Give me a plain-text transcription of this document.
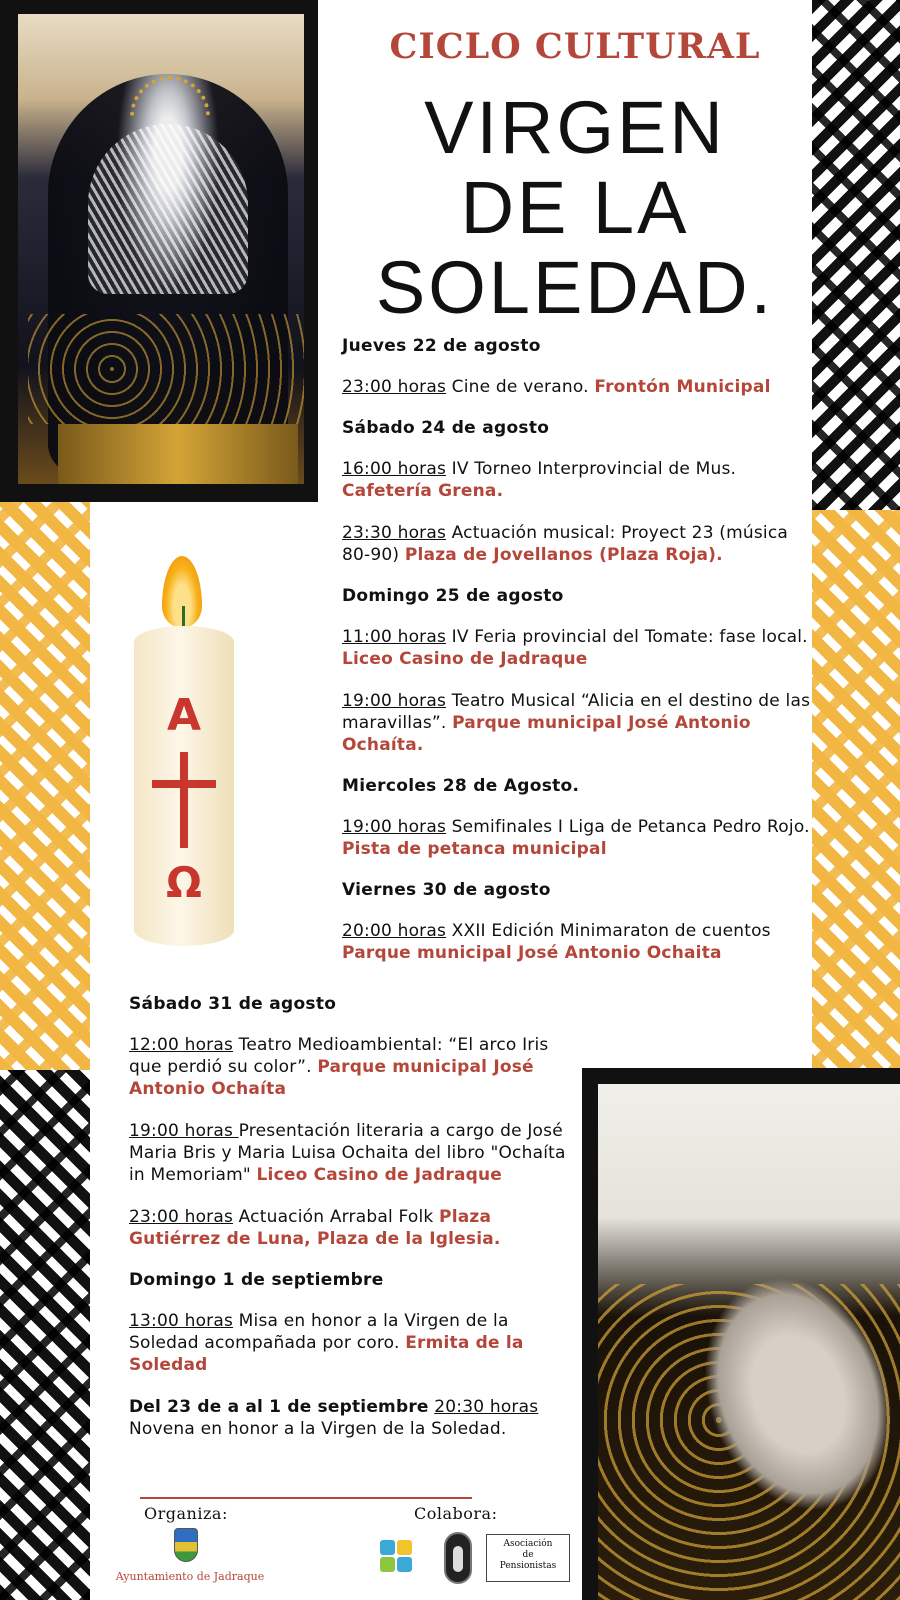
A
Ω
CICLO CULTURAL
VIRGEN
DE LA
SOLEDAD.
Jueves 22 de agosto
23:00 horas Cine de verano. Frontón Municipal
Sábado 24 de agosto
16:00 horas IV Torneo Interprovincial de Mus. Cafetería Grena.
23:30 horas Actuación musical: Proyect 23 (música 80-90) Plaza de Jovellanos (Plaza Roja).
Domingo 25 de agosto
11:00 horas IV Feria provincial del Tomate: fase local. Liceo Casino de Jadraque
19:00 horas Teatro Musical “Alicia en el destino de las maravillas”. Parque municipal José Antonio Ochaíta.
Miercoles 28 de Agosto.
19:00 horas Semifinales I Liga de Petanca Pedro Rojo. Pista de petanca municipal
Viernes 30 de agosto
20:00 horas XXII Edición Minimaraton de cuentos Parque municipal José Antonio Ochaita
Sábado 31 de agosto
12:00 horas Teatro Medioambiental: “El arco Iris que perdió su color”. Parque municipal José Antonio Ochaíta
19:00 horas Presentación literaria a cargo de José Maria Bris y Maria Luisa Ochaita del libro "Ochaíta in Memoriam" Liceo Casino de Jadraque
23:00 horas Actuación Arrabal Folk Plaza Gutiérrez de Luna, Plaza de la Iglesia.
Domingo 1 de septiembre
13:00 horas Misa en honor a la Virgen de la Soledad acompañada por coro. Ermita de la Soledad
Del 23 de a al 1 de septiembre 20:30 horas
Novena en honor a la Virgen de la Soledad.
Organiza:	Colabora:
Ayuntamiento de Jadraque
Asociación
de
Pensionistas
